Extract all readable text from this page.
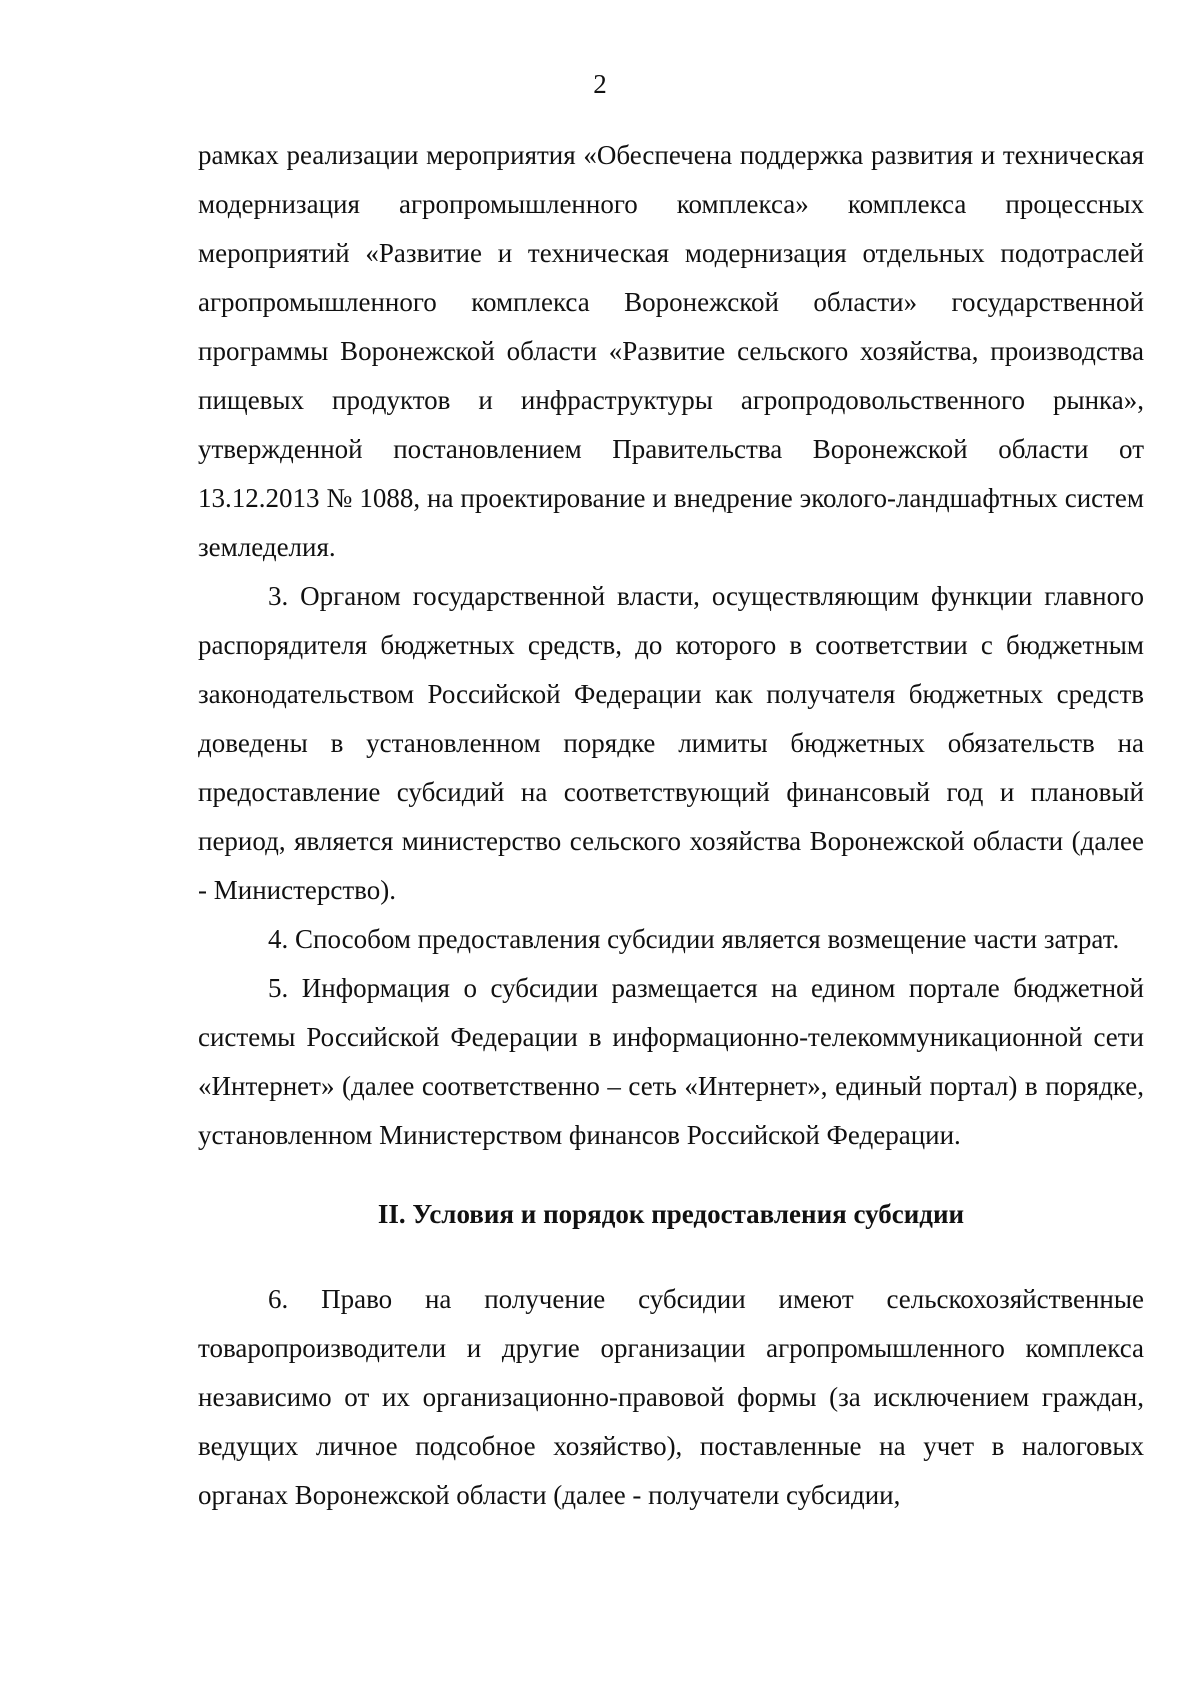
2

рамках реализации мероприятия «Обеспечена поддержка развития и техническая модернизация агропромышленного комплекса» комплекса процессных мероприятий «Развитие и техническая модернизация отдельных подотраслей агропромышленного комплекса Воронежской области» государственной программы Воронежской области «Развитие сельского хозяйства, производства пищевых продуктов и инфраструктуры агропродовольственного рынка», утвержденной постановлением Правительства Воронежской области от 13.12.2013 № 1088, на проектирование и внедрение эколого-ландшафтных систем земледелия.

3. Органом государственной власти, осуществляющим функции главного распорядителя бюджетных средств, до которого в соответствии с бюджетным законодательством Российской Федерации как получателя бюджетных средств доведены в установленном порядке лимиты бюджетных обязательств на предоставление субсидий на соответствующий финансовый год и плановый период, является министерство сельского хозяйства Воронежской области (далее - Министерство).

4. Способом предоставления субсидии является возмещение части затрат.

5. Информация о субсидии размещается на едином портале бюджетной системы Российской Федерации в информационно-телекоммуникационной сети «Интернет» (далее соответственно – сеть «Интернет», единый портал) в порядке, установленном Министерством финансов Российской Федерации.

II. Условия и порядок предоставления субсидии

6. Право на получение субсидии имеют сельскохозяйственные товаропроизводители и другие организации агропромышленного комплекса независимо от их организационно-правовой формы (за исключением граждан, ведущих личное подсобное хозяйство), поставленные на учет в налоговых органах Воронежской области (далее - получатели субсидии,
